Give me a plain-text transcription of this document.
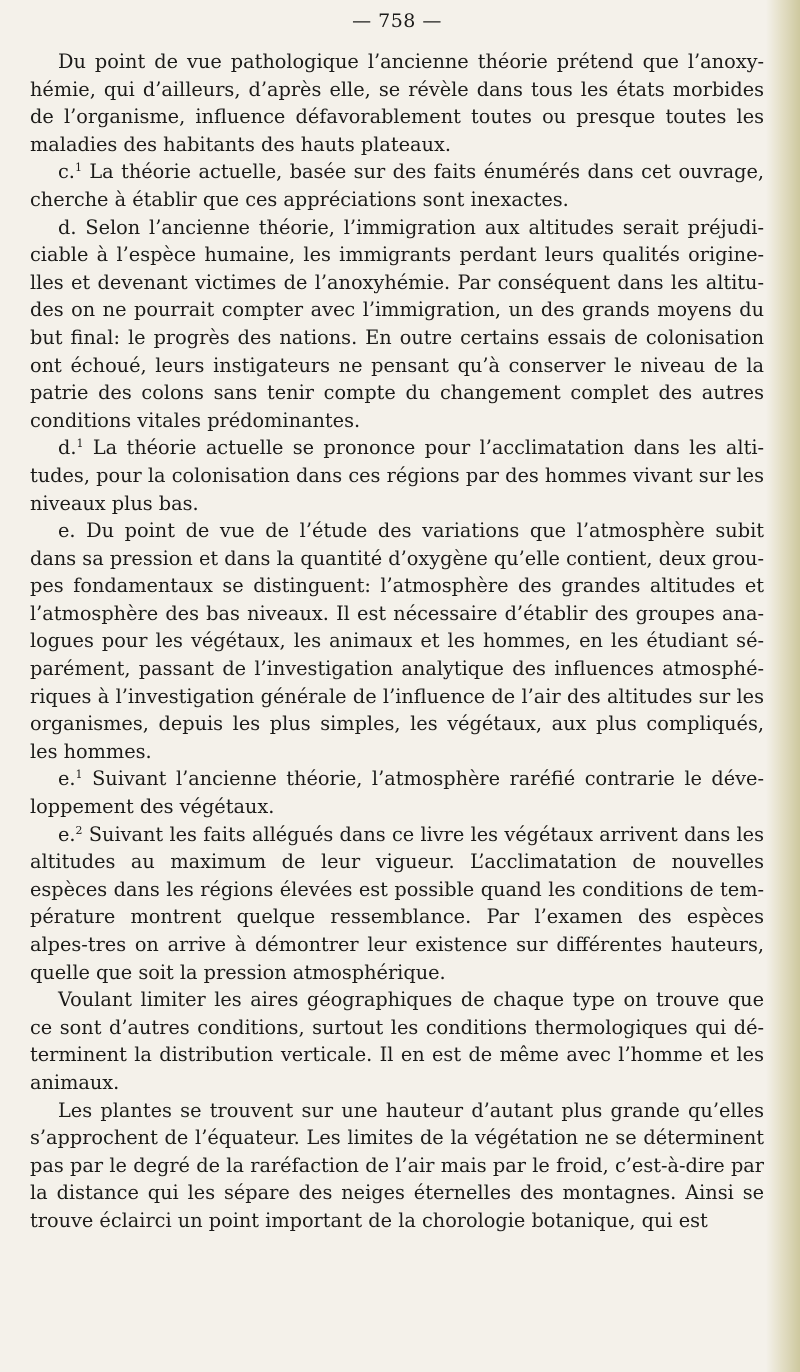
— 758 —

Du point de vue pathologique l’ancienne théorie prétend que l’anoxy-hémie, qui d’ailleurs, d’après elle, se révèle dans tous les états morbides de l’organisme, influence défavorablement toutes ou presque toutes les maladies des habitants des hauts plateaux.

c.$^1$ La théorie actuelle, basée sur des faits énumérés dans cet ouvrage, cherche à établir que ces appréciations sont inexactes.

d. Selon l’ancienne théorie, l’immigration aux altitudes serait préjudi-ciable à l’espèce humaine, les immigrants perdant leurs qualités origine-lles et devenant victimes de l’anoxyhémie. Par conséquent dans les altitu-des on ne pourrait compter avec l’immigration, un des grands moyens du but final: le progrès des nations. En outre certains essais de colonisation ont échoué, leurs instigateurs ne pensant qu’à conserver le niveau de la patrie des colons sans tenir compte du changement complet des autres conditions vitales prédominantes.

d.$^1$ La théorie actuelle se prononce pour l’acclimatation dans les alti-tudes, pour la colonisation dans ces régions par des hommes vivant sur les niveaux plus bas.

e. Du point de vue de l’étude des variations que l’atmosphère subit dans sa pression et dans la quantité d’oxygène qu’elle contient, deux grou-pes fondamentaux se distinguent: l’atmosphère des grandes altitudes et l’atmosphère des bas niveaux. Il est nécessaire d’établir des groupes ana-logues pour les végétaux, les animaux et les hommes, en les étudiant sé-parément, passant de l’investigation analytique des influences atmosphé-riques à l’investigation générale de l’influence de l’air des altitudes sur les organismes, depuis les plus simples, les végétaux, aux plus compliqués, les hommes.

e.$^1$ Suivant l’ancienne théorie, l’atmosphère raréfié contrarie le déve-loppement des végétaux.

e.$^2$ Suivant les faits allégués dans ce livre les végétaux arrivent dans les altitudes au maximum de leur vigueur. L’acclimatation de nouvelles espèces dans les régions élevées est possible quand les conditions de tem-pérature montrent quelque ressemblance. Par l’examen des espèces alpes-tres on arrive à démontrer leur existence sur différentes hauteurs, quelle que soit la pression atmosphérique.

Voulant limiter les aires géographiques de chaque type on trouve que ce sont d’autres conditions, surtout les conditions thermologiques qui dé-terminent la distribution verticale. Il en est de même avec l’homme et les animaux.

Les plantes se trouvent sur une hauteur d’autant plus grande qu’elles s’approchent de l’équateur. Les limites de la végétation ne se déterminent pas par le degré de la raréfaction de l’air mais par le froid, c’est-à-dire par la distance qui les sépare des neiges éternelles des montagnes. Ainsi se trouve éclairci un point important de la chorologie botanique, qui est
